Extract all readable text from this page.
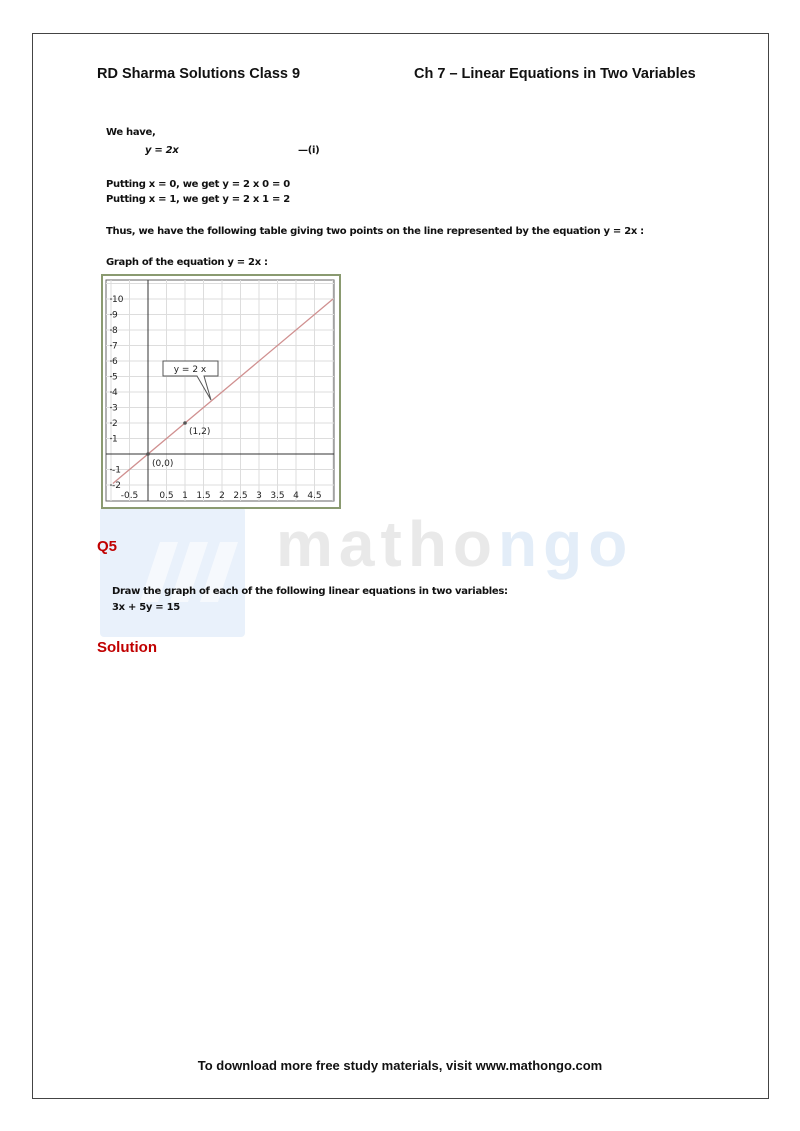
mathongo
RD Sharma Solutions Class 9	Ch 7 – Linear Equations in Two Variables
We have,
y = 2x	—(i)
Putting x = 0, we get y = 2 x 0 = 0
Putting x = 1, we get y = 2 x 1 = 2
Thus, we have the following table giving two points on the line represented by the equation y = 2x :
Graph of the equation y = 2x :
-2
-1
1
2
3
4
5
6
7
8
9
10
-0.5 0.5 1 1.5 2 2.5 3 3.5 4 4.5
(0,0)
(1,2)
y = 2 x
Q5
Draw the graph of each of the following linear equations in two variables:
3x + 5y = 15
Solution
To download more free study materials, visit www.mathongo.com
